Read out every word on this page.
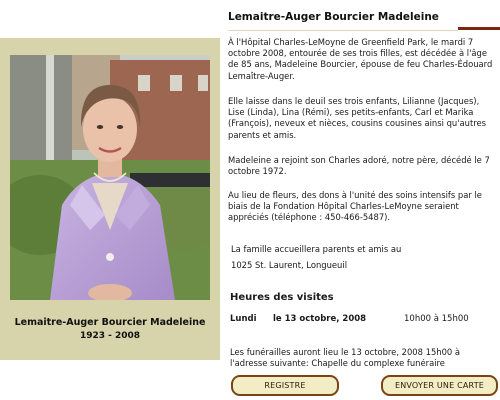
Lemaitre-Auger Bourcier Madeleine
Lemaitre-Auger Bourcier Madeleine
1923 - 2008

À l'Hôpital Charles-LeMoyne de Greenfield Park, le mardi 7 octobre 2008, entourée de ses trois filles, est décédée à l'âge de 85 ans, Madeleine Bourcier, épouse de feu Charles-Édouard Lemaître-Auger.

Elle laisse dans le deuil ses trois enfants, Lilianne (Jacques), Lise (Linda), Lina (Rémi), ses petits-enfants, Carl et Marika (François), neveux et nièces, cousins cousines ainsi qu'autres parents et amis.

Madeleine a rejoint son Charles adoré, notre père, décédé le 7 octobre 1972.

Au lieu de fleurs, des dons à l'unité des soins intensifs par le biais de la Fondation Hôpital Charles-LeMoyne seraient appréciés (téléphone : 450-466-5487).

La famille accueillera parents et amis au

1025 St. Laurent, Longueuil

Heures des visites
Lundi le 13 octobre, 2008	10h00 à 15h00
Les funérailles auront lieu le 13 octobre, 2008 15h00 à l'adresse suivante: Chapelle du complexe funéraire
REGISTRE	ENVOYER UNE CARTE
